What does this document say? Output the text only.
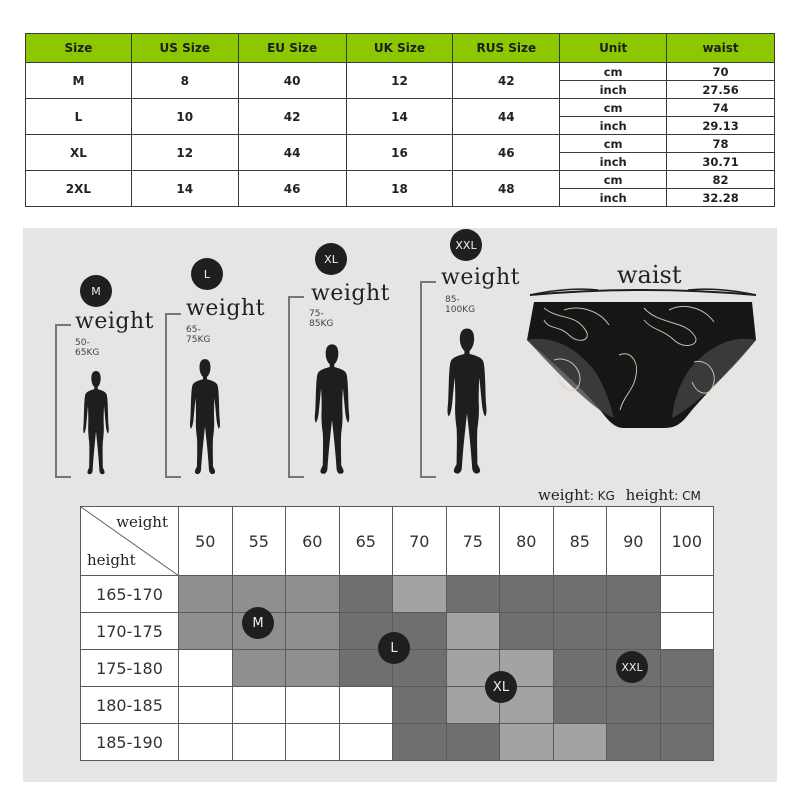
Size	US Size	EU Size	UK Size	RUS Size	Unit	waist
M	8	40	12	42	cm	70
					inch	27.56
L	10	42	14	44	cm	74
					inch	29.13
XL	12	44	16	46	cm	78
					inch	30.71
2XL	14	46	18	48	cm	82
					inch	32.28
M
weight
50-65KG
L
weight
65-75KG
XL
weight
75-85KG
XXL
weight
85-100KG
waist
weight: KG height: CM
weight
height	50	55	60	65	70	75	80	85	90	100
165-170										
170-175										
175-180										
180-185										
185-190										
M
L
XL
XXL
